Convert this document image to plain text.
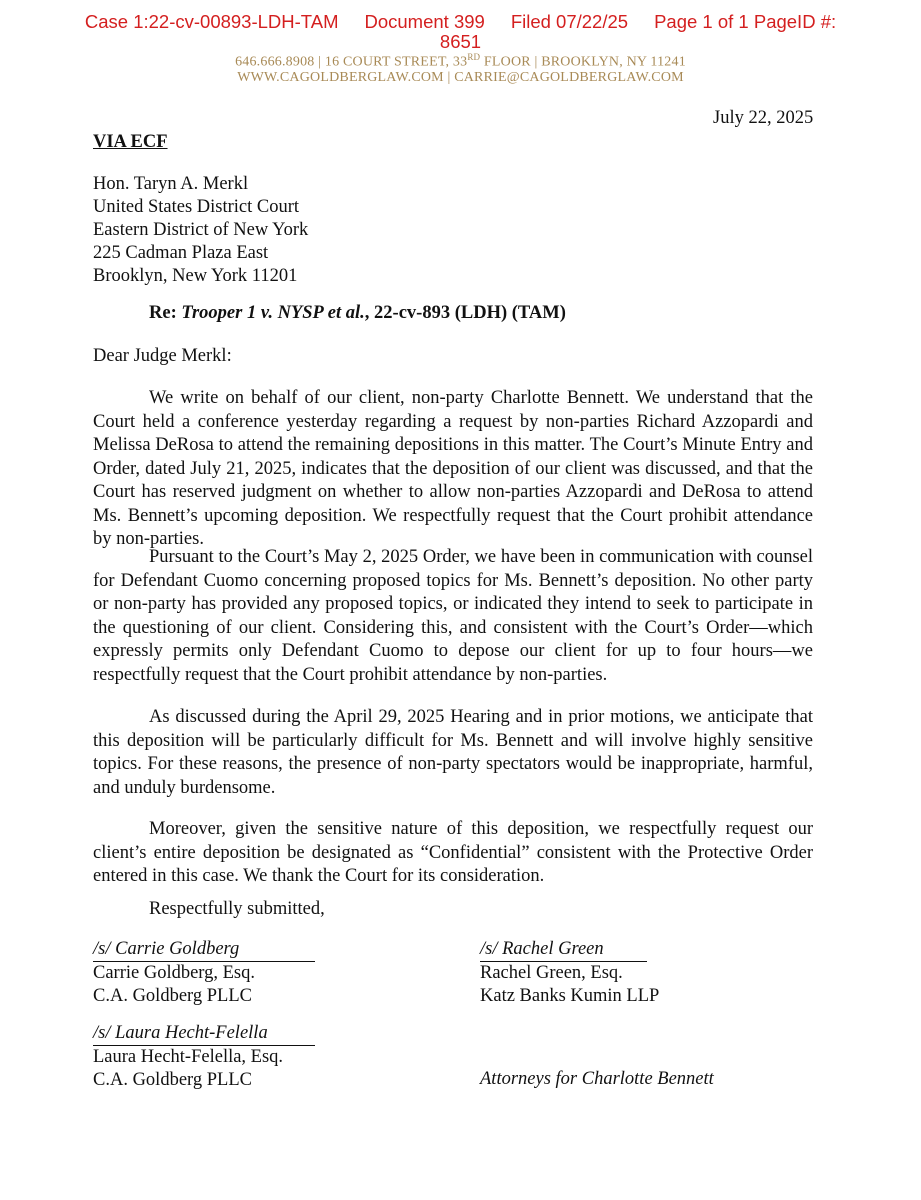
Case 1:22-cv-00893-LDH-TAM Document 399 Filed 07/22/25 Page 1 of 1 PageID #:
8651
646.666.8908 | 16 COURT STREET, 33RD FLOOR | BROOKLYN, NY 11241
WWW.CAGOLDBERGLAW.COM | CARRIE@CAGOLDBERGLAW.COM
July 22, 2025
VIA ECF
Hon. Taryn A. Merkl
United States District Court
Eastern District of New York
225 Cadman Plaza East
Brooklyn, New York 11201
Re: Trooper 1 v. NYSP et al., 22-cv-893 (LDH) (TAM)
Dear Judge Merkl:

We write on behalf of our client, non-party Charlotte Bennett. We understand that the Court held a conference yesterday regarding a request by non-parties Richard Azzopardi and Melissa DeRosa to attend the remaining depositions in this matter. The Court’s Minute Entry and Order, dated July 21, 2025, indicates that the deposition of our client was discussed, and that the Court has reserved judgment on whether to allow non-parties Azzopardi and DeRosa to attend Ms. Bennett’s upcoming deposition. We respectfully request that the Court prohibit attendance by non-parties.

Pursuant to the Court’s May 2, 2025 Order, we have been in communication with counsel for Defendant Cuomo concerning proposed topics for Ms. Bennett’s deposition. No other party or non-party has provided any proposed topics, or indicated they intend to seek to participate in the questioning of our client. Considering this, and consistent with the Court’s Order—which expressly permits only Defendant Cuomo to depose our client for up to four hours—we respectfully request that the Court prohibit attendance by non-parties.

As discussed during the April 29, 2025 Hearing and in prior motions, we anticipate that this deposition will be particularly difficult for Ms. Bennett and will involve highly sensitive topics. For these reasons, the presence of non-party spectators would be inappropriate, harmful, and unduly burdensome.

Moreover, given the sensitive nature of this deposition, we respectfully request our client’s entire deposition be designated as “Confidential” consistent with the Protective Order entered in this case. We thank the Court for its consideration.

Respectfully submitted,
/s/ Carrie Goldberg
Carrie Goldberg, Esq.
C.A. Goldberg PLLC
/s/ Rachel Green
Rachel Green, Esq.
Katz Banks Kumin LLP
/s/ Laura Hecht-Felella
Laura Hecht-Felella, Esq.
C.A. Goldberg PLLC	Attorneys for Charlotte Bennett
